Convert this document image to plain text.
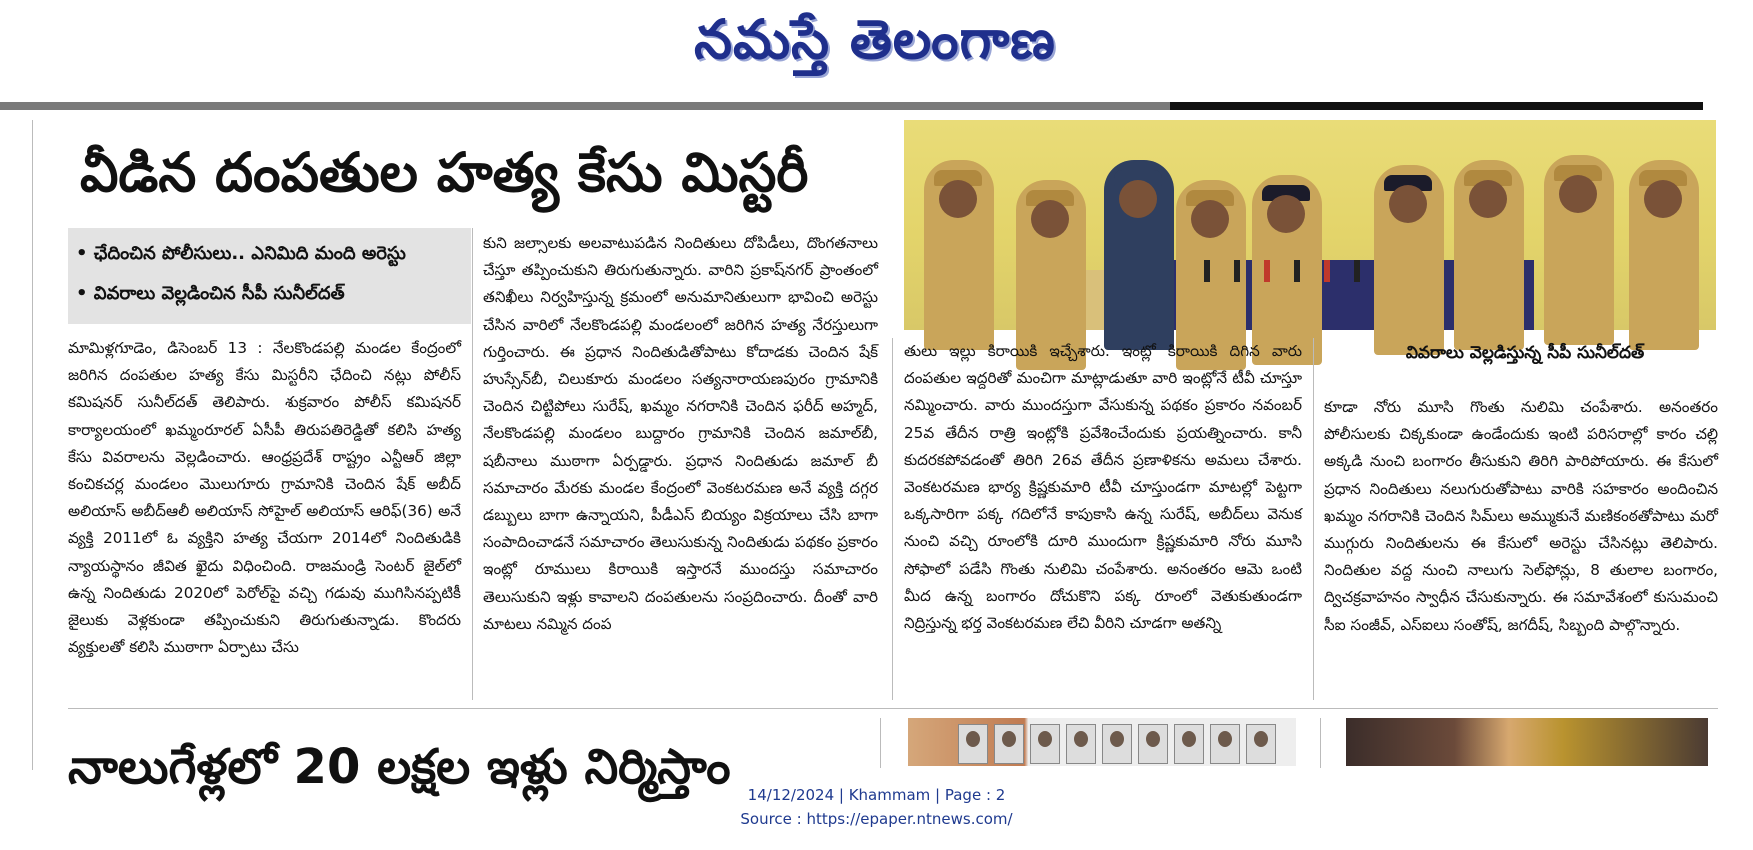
నమస్తే తెలంగాణ

వీడిన దంపతుల హత్య కేసు మిస్టరీ
వివరాలు వెల్లడిస్తున్న సీపీ సునీల్‌దత్‌
• ఛేదించిన పోలీసులు.. ఎనిమిది మంది అరెస్టు
• వివరాలు వెల్లడించిన సీపీ సునీల్‌దత్‌

మామిళ్లగూడెం, డిసెంబర్‌ 13 : నేలకొండపల్లి మండల కేంద్రంలో జరిగిన దంపతుల హత్య కేసు మిస్టరీని ఛేదించి నట్లు పోలీస్‌ కమిషనర్‌ సునీల్‌దత్‌ తెలిపారు. శుక్రవారం పోలీస్‌ కమిషనర్‌ కార్యాలయంలో ఖమ్మంరూరల్‌ ఏసీపీ తిరుపతిరెడ్డితో కలిసి హత్య కేసు వివరాలను వెల్లడించారు. ఆంధ్రప్రదేశ్‌ రాష్ట్రం ఎన్టీఆర్‌ జిల్లా కంచికచర్ల మండలం మొలుగూరు గ్రామానికి చెందిన షేక్‌ అబీద్‌ అలియాస్‌ అబీద్‌ఆలీ అలియాస్‌ సోహైల్‌ అలియాస్‌ ఆరిఫ్‌(36) అనే వ్యక్తి 2011లో ఓ వ్యక్తిని హత్య చేయగా 2014లో నిందితుడికి న్యాయస్థానం జీవిత ఖైదు విధించింది. రాజమండ్రి సెంటర్‌ జైల్‌లో ఉన్న నిందితుడు 2020లో పెరోల్‌పై వచ్చి గడువు ముగిసినప్పటికీ జైలుకు వెళ్లకుండా తప్పించుకుని తిరుగుతున్నాడు. కొందరు వ్యక్తులతో కలిసి ముఠాగా ఏర్పాటు చేసు

కుని జల్సాలకు అలవాటుపడిన నిందితులు దోపిడీలు, దొంగతనాలు చేస్తూ తప్పించుకుని తిరుగుతున్నారు. వారిని ప్రకాష్‌నగర్‌ ప్రాంతంలో తనిఖీలు నిర్వహిస్తున్న క్రమంలో అనుమానితులుగా భావించి అరెస్టు చేసిన వారిలో నేలకొండపల్లి మండలంలో జరిగిన హత్య నేరస్తులుగా గుర్తించారు. ఈ ప్రధాన నిందితుడితోపాటు కోదాడకు చెందిన షేక్‌ హుస్సేన్‌బీ, చిలుకూరు మండలం సత్యనారాయణపురం గ్రామానికి చెందిన చిట్టిపోలు సురేష్‌, ఖమ్మం నగరానికి చెందిన ఫరీద్‌ అహ్మద్‌, నేలకొండపల్లి మండలం బుద్దారం గ్రామానికి చెందిన జమాల్‌బీ, షబీనాలు ముఠాగా ఏర్పడ్డారు. ప్రధాన నిందితుడు జమాల్‌ బీ సమాచారం మేరకు మండల కేంద్రంలో వెంకటరమణ అనే వ్యక్తి దగ్గర డబ్బులు బాగా ఉన్నాయని, పీడీఎస్‌ బియ్యం విక్రయాలు చేసి బాగా సంపాదించాడనే సమాచారం తెలుసుకున్న నిందితుడు పథకం ప్రకారం ఇంట్లో రూములు కిరాయికి ఇస్తారనే ముందస్తు సమాచారం తెలుసుకుని ఇళ్లు కావాలని దంపతులను సంప్రదించారు. దీంతో వారి మాటలు నమ్మిన దంప

తులు ఇల్లు కిరాయికి ఇచ్చేశారు. ఇంట్లో కిరాయికి దిగిన వారు దంపతుల ఇద్దరితో మంచిగా మాట్లాడుతూ వారి ఇంట్లోనే టీవీ చూస్తూ నమ్మించారు. వారు ముందస్తుగా వేసుకున్న పథకం ప్రకారం నవంబర్‌ 25వ తేదీన రాత్రి ఇంట్లోకి ప్రవేశించేందుకు ప్రయత్నించారు. కానీ కుదరకపోవడంతో తిరిగి 26వ తేదీన ప్రణాళికను అమలు చేశారు. వెంకటరమణ భార్య క్రిష్ణకుమారి టీవీ చూస్తుండగా మాటల్లో పెట్టగా ఒక్కసారిగా పక్క గదిలోనే కాపుకాసి ఉన్న సురేష్‌, అబీద్‌లు వెనుక నుంచి వచ్చి రూంలోకి దూరి ముందుగా క్రిష్ణకుమారి నోరు మూసి సోఫాలో పడేసి గొంతు నులిమి చంపేశారు. అనంతరం ఆమె ఒంటి మీద ఉన్న బంగారం దోచుకొని పక్క రూంలో వెతుకుతుండగా నిద్రిస్తున్న భర్త వెంకటరమణ లేచి వీరిని చూడగా అతన్ని

కూడా నోరు మూసి గొంతు నులిమి చంపేశారు. అనంతరం పోలీసులకు చిక్కకుండా ఉండేందుకు ఇంటి పరిసరాల్లో కారం చల్లి అక్కడి నుంచి బంగారం తీసుకుని తిరిగి పారిపోయారు. ఈ కేసులో ప్రధాన నిందితులు నలుగురుతోపాటు వారికి సహకారం అందించిన ఖమ్మం నగరానికి చెందిన సిమ్‌లు అమ్ముకునే మణికంఠతోపాటు మరో ముగ్గురు నిందితులను ఈ కేసులో అరెస్టు చేసినట్లు తెలిపారు. నిందితుల వద్ద నుంచి నాలుగు సెల్‌ఫోన్లు, 8 తులాల బంగారం, ద్విచక్రవాహనం స్వాధీన చేసుకున్నారు. ఈ సమావేశంలో కుసుమంచి సీఐ సంజీవ్‌, ఎస్‌ఐలు సంతోష్‌, జగదీష్‌, సిబ్బంది పాల్గొన్నారు.

నాలుగేళ్లలో 20 లక్షల ఇళ్లు నిర్మిస్తాం	14/12/2024 | Khammam | Page : 2
Source : https://epaper.ntnews.com/
